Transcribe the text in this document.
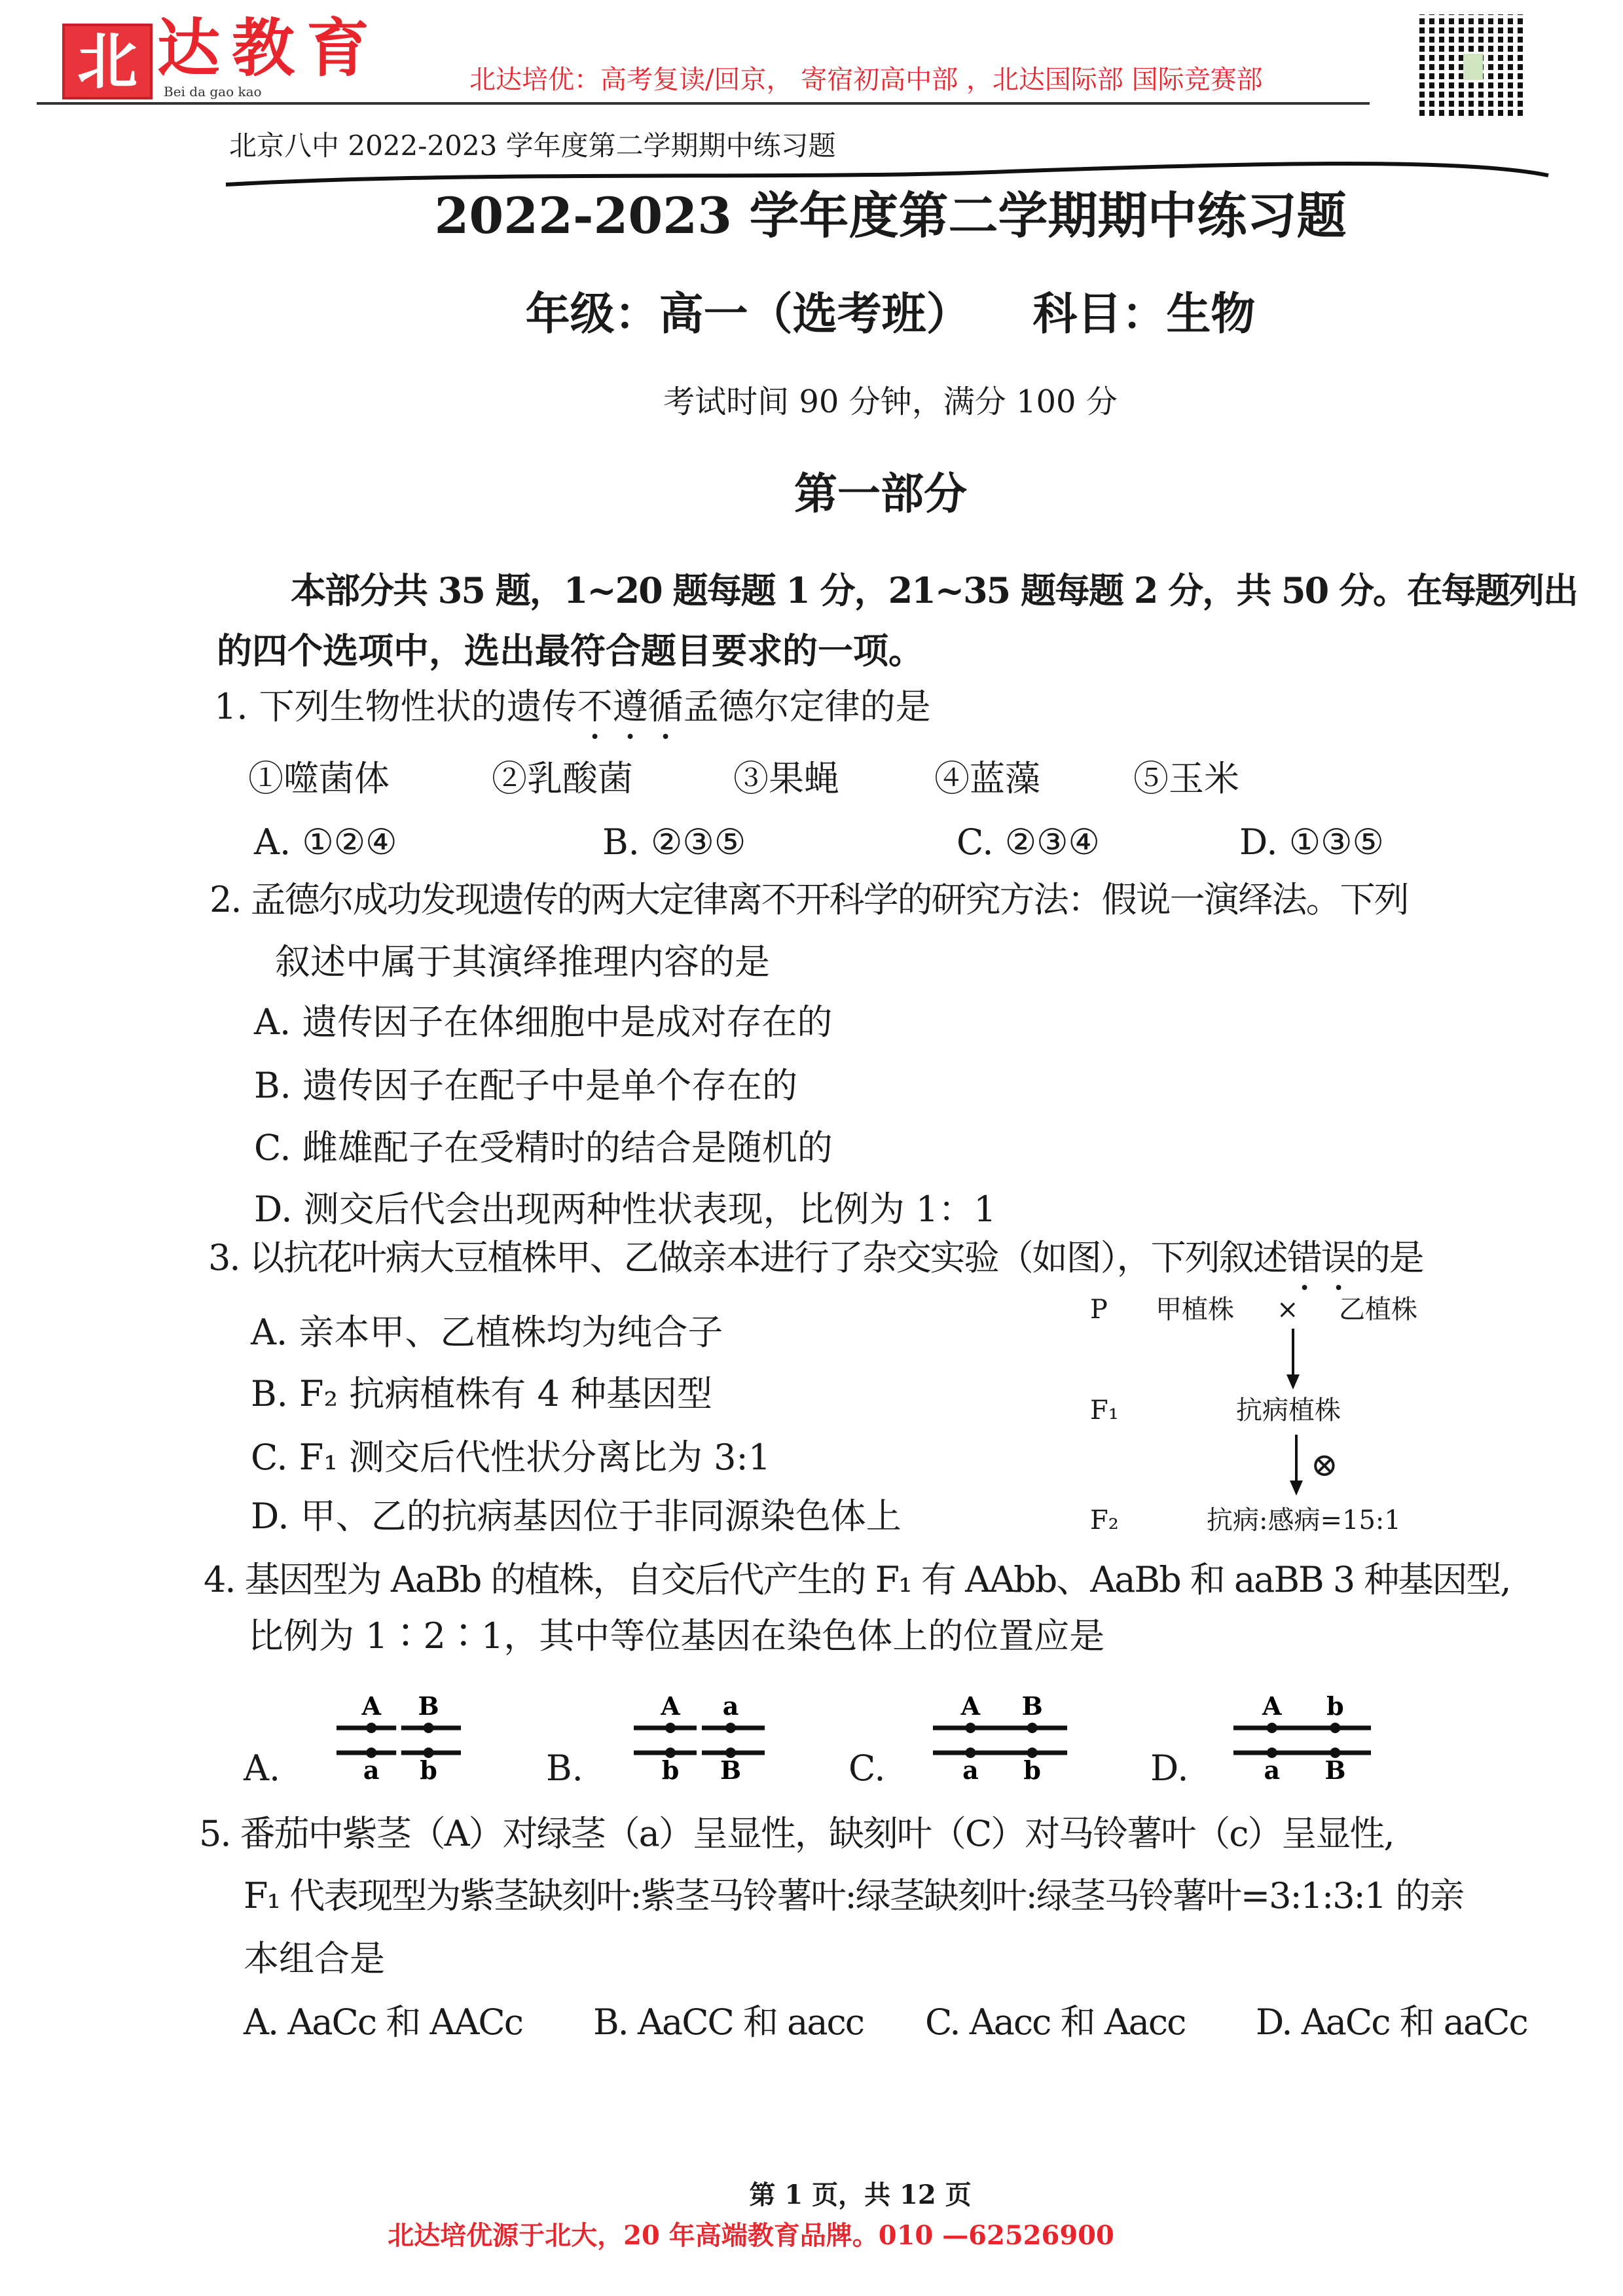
北 达教育
Bei da gao kao	北达培优：高考复读/回京， 寄宿初高中部 ，北达国际部 国际竞赛部
北京八中 2022-2023 学年度第二学期期中练习题
2022-2023 学年度第二学期期中练习题
年级：高一（选考班）    科目：生物
考试时间 90 分钟，满分 100 分
第一部分
本部分共 35 题，1~20 题每题 1 分，21~35 题每题 2 分，共 50 分。在每题列出
的四个选项中，选出最符合题目要求的一项。
1. 下列生物性状的遗传不遵循孟德尔定律的是
①噬菌体	②乳酸菌	③果蝇	④蓝藻	⑤玉米
A. ①②④	B. ②③⑤	C. ②③④	D. ①③⑤
2. 孟德尔成功发现遗传的两大定律离不开科学的研究方法：假说一演绎法。下列
叙述中属于其演绎推理内容的是
A. 遗传因子在体细胞中是成对存在的
B. 遗传因子在配子中是单个存在的
C. 雌雄配子在受精时的结合是随机的
D. 测交后代会出现两种性状表现，比例为 1：1
3. 以抗花叶病大豆植株甲、乙做亲本进行了杂交实验（如图），下列叙述错误的是
A. 亲本甲、乙植株均为纯合子
B. F₂ 抗病植株有 4 种基因型
C. F₁ 测交后代性状分离比为 3:1
D. 甲、乙的抗病基因位于非同源染色体上
P 甲植株 × 乙植株
F₁	抗病植株
⊗
F₂	抗病:感病=15:1
4. 基因型为 AaBb 的植株，自交后代产生的 F₁ 有 AAbb、AaBb 和 aaBB 3 种基因型,
比例为 1∶2∶1，其中等位基因在染色体上的位置应是
A.
A B
a b	B.
A a
b B	C.
A B
a b	D.
A b
a B
5. 番茄中紫茎（A）对绿茎（a）呈显性，缺刻叶（C）对马铃薯叶（c）呈显性,
F₁ 代表现型为紫茎缺刻叶:紫茎马铃薯叶:绿茎缺刻叶:绿茎马铃薯叶=3:1:3:1 的亲
本组合是
A. AaCc 和 AACc	B. AaCC 和 aacc	C. Aacc 和 Aacc	D. AaCc 和 aaCc
第 1 页，共 12 页
北达培优源于北大，20 年高端教育品牌。010 —62526900
